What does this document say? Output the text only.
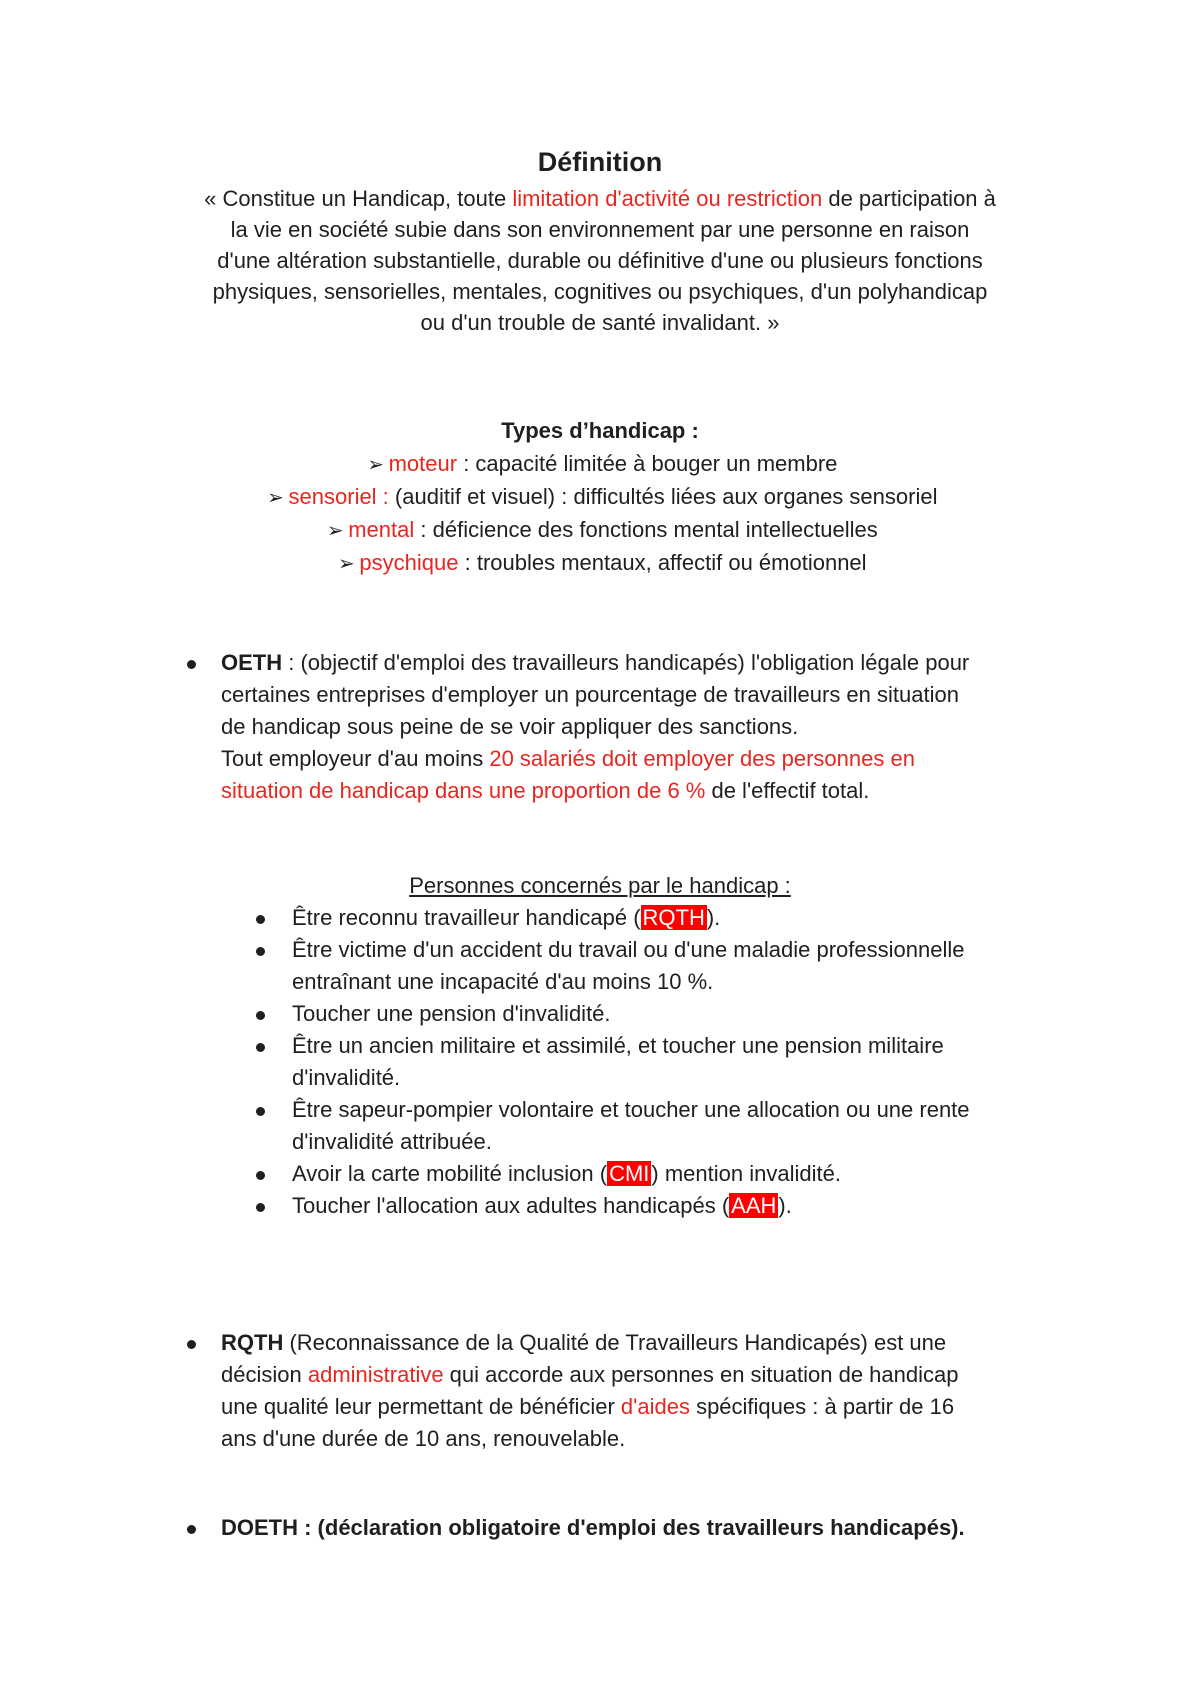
Définition
« Constitue un Handicap, toute limitation d'activité ou restriction de participation à
la vie en société subie dans son environnement par une personne en raison
d'une altération substantielle, durable ou définitive d'une ou plusieurs fonctions
physiques, sensorielles, mentales, cognitives ou psychiques, d'un polyhandicap
ou d'un trouble de santé invalidant. »
Types d’handicap :
➢ moteur : capacité limitée à bouger un membre
➢ sensoriel : (auditif et visuel) : difficultés liées aux organes sensoriel
➢ mental : déficience des fonctions mental intellectuelles
➢ psychique : troubles mentaux, affectif ou émotionnel
OETH : (objectif d'emploi des travailleurs handicapés) l'obligation légale pour
certaines entreprises d'employer un pourcentage de travailleurs en situation
de handicap sous peine de se voir appliquer des sanctions.
Tout employeur d'au moins 20 salariés doit employer des personnes en
situation de handicap dans une proportion de 6 % de l'effectif total.
Personnes concernés par le handicap :
Être reconnu travailleur handicapé (RQTH).
Être victime d'un accident du travail ou d'une maladie professionnelle
entraînant une incapacité d'au moins 10 %.
Toucher une pension d'invalidité.
Être un ancien militaire et assimilé, et toucher une pension militaire
d'invalidité.
Être sapeur-pompier volontaire et toucher une allocation ou une rente
d'invalidité attribuée.
Avoir la carte mobilité inclusion (CMI) mention invalidité.
Toucher l'allocation aux adultes handicapés (AAH).
RQTH (Reconnaissance de la Qualité de Travailleurs Handicapés) est une
décision administrative qui accorde aux personnes en situation de handicap
une qualité leur permettant de bénéficier d'aides spécifiques : à partir de 16
ans d'une durée de 10 ans, renouvelable.
DOETH : (déclaration obligatoire d'emploi des travailleurs handicapés).
